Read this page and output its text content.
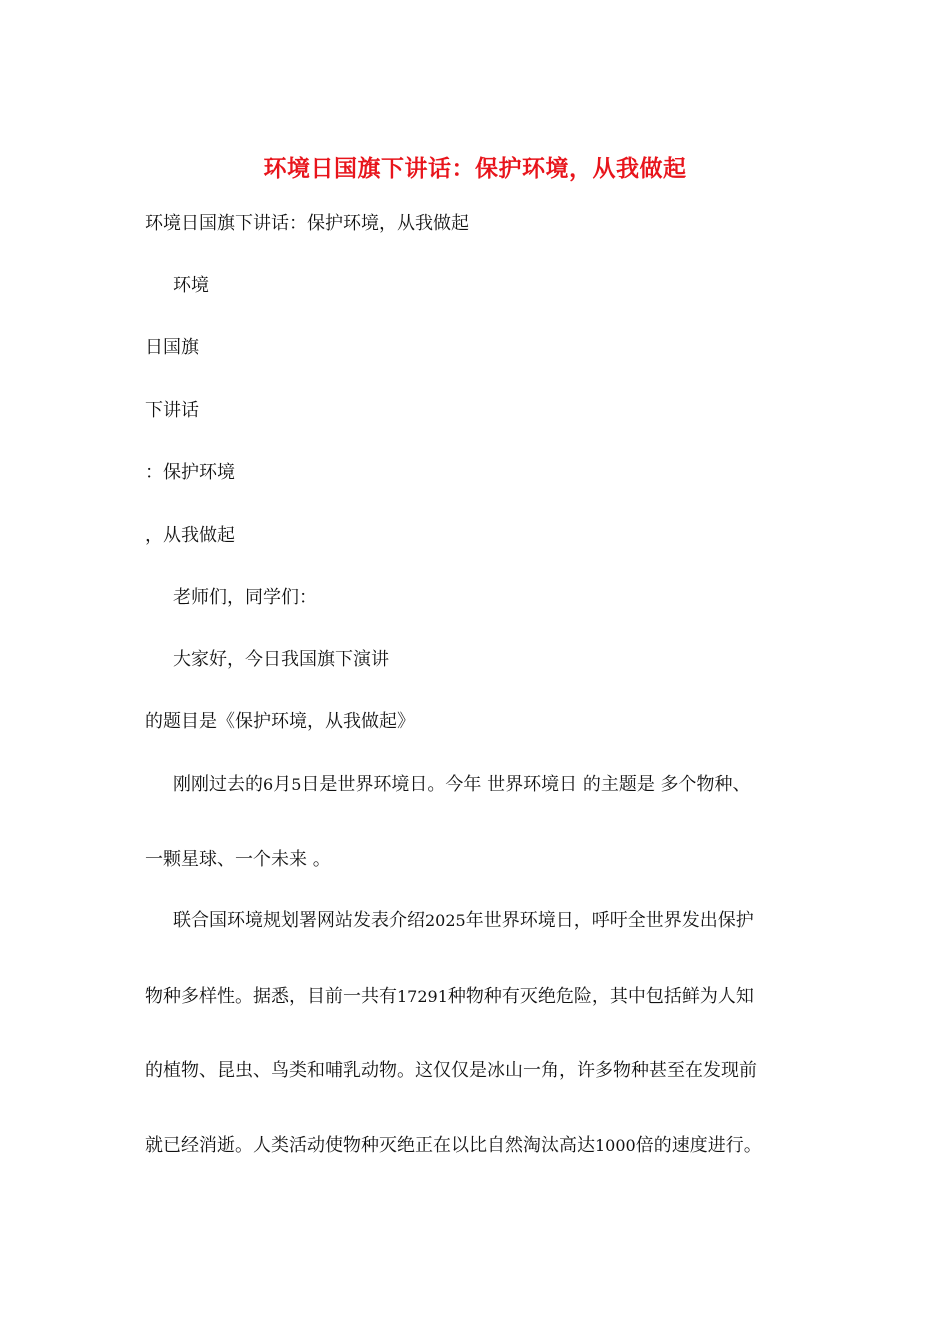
环境日国旗下讲话：保护环境，从我做起
环境日国旗下讲话：保护环境，从我做起
环境
日国旗
下讲话
：保护环境
，从我做起
老师们，同学们：
大家好，今日我国旗下演讲
的题目是《保护环境，从我做起》
刚刚过去的6月5日是世界环境日。今年 世界环境日 的主题是 多个物种、
一颗星球、一个未来 。
联合国环境规划署网站发表介绍2025年世界环境日，呼吁全世界发出保护
物种多样性。据悉，目前一共有17291种物种有灭绝危险，其中包括鲜为人知
的植物、昆虫、鸟类和哺乳动物。这仅仅是冰山一角，许多物种甚至在发现前
就已经消逝。人类活动使物种灭绝正在以比自然淘汰高达1000倍的速度进行。
